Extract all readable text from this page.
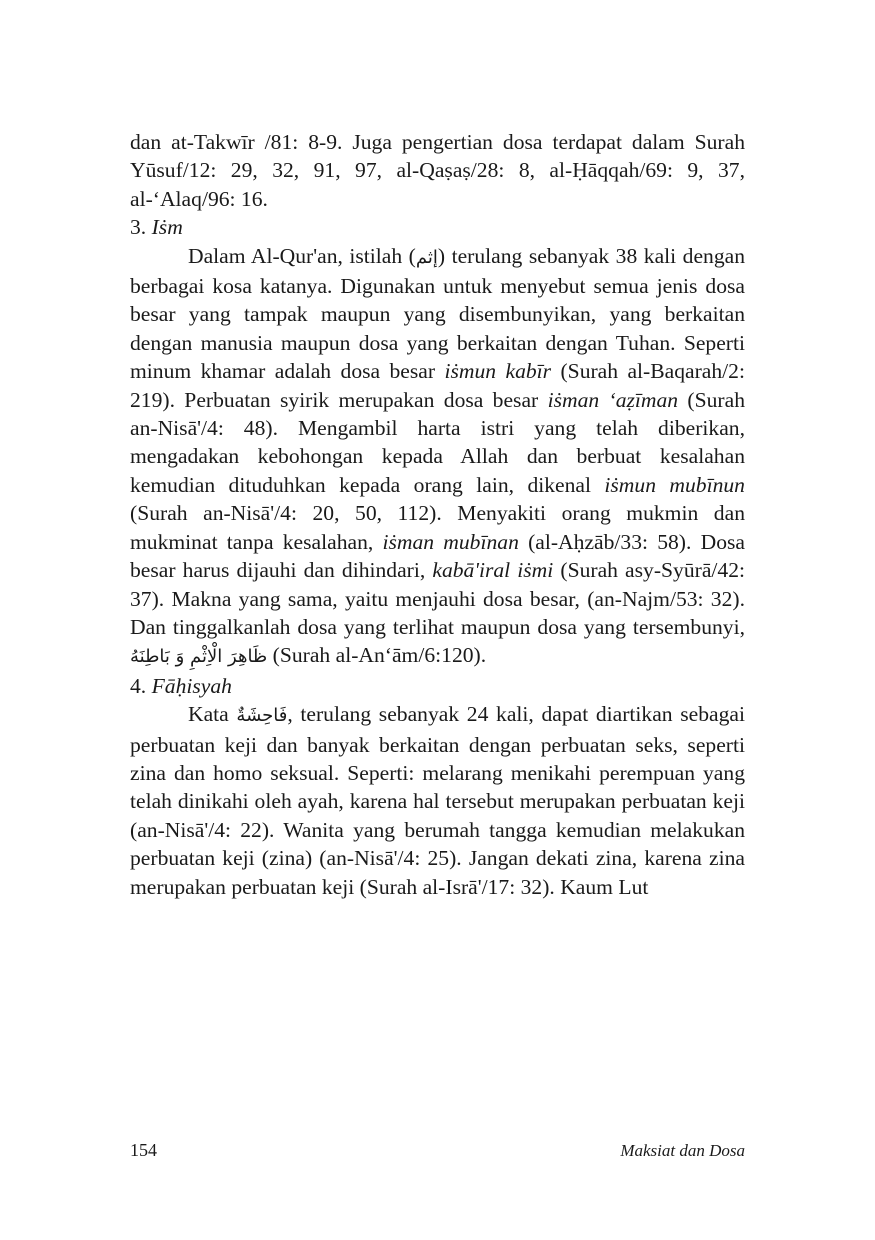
dan at-Takwīr /81: 8-9. Juga pengertian dosa terdapat dalam Surah Yūsuf/12: 29, 32, 91, 97, al-Qaṣaṣ/28: 8, al-Ḥāqqah/69: 9, 37, al-‘Alaq/96: 16.

3. Iṡm

Dalam Al-Qur'an, istilah (إثم) terulang sebanyak 38 kali dengan berbagai kosa katanya. Digunakan untuk menyebut semua jenis dosa besar yang tampak maupun yang disembunyikan, yang berkaitan dengan manusia maupun dosa yang berkaitan dengan Tuhan. Seperti minum khamar adalah dosa besar iṡmun kabīr (Surah al-Baqarah/2: 219). Perbuatan syirik merupakan dosa besar iṡman ‘aẓīman (Surah an-Nisā'/4: 48). Mengambil harta istri yang telah diberikan, mengadakan kebohongan kepada Allah dan berbuat kesalahan kemudian dituduhkan kepada orang lain, dikenal iṡmun mubīnun (Surah an-Nisā'/4: 20, 50, 112). Menyakiti orang mukmin dan mukminat tanpa kesalahan, iṡman mubīnan (al-Aḥzāb/33: 58). Dosa besar harus dijauhi dan dihindari, kabā'iral iṡmi (Surah asy-Syūrā/42: 37). Makna yang sama, yaitu menjauhi dosa besar, (an-Najm/53: 32). Dan tinggalkanlah dosa yang terlihat maupun dosa yang tersembunyi, ظَاهِرَ الْاِثْمِ وَ بَاطِنَهُ (Surah al-An‘ām/6:120).

4. Fāḥisyah

Kata فَاحِشَةٌ, terulang sebanyak 24 kali, dapat diartikan sebagai perbuatan keji dan banyak berkaitan dengan perbuatan seks, seperti zina dan homo seksual. Seperti: melarang menikahi perempuan yang telah dinikahi oleh ayah, karena hal tersebut merupakan perbuatan keji (an-Nisā'/4: 22). Wanita yang berumah tangga kemudian melakukan perbuatan keji (zina) (an-Nisā'/4: 25). Jangan dekati zina, karena zina merupakan perbuatan keji (Surah al-Isrā'/17: 32). Kaum Lut

154	Maksiat dan Dosa
